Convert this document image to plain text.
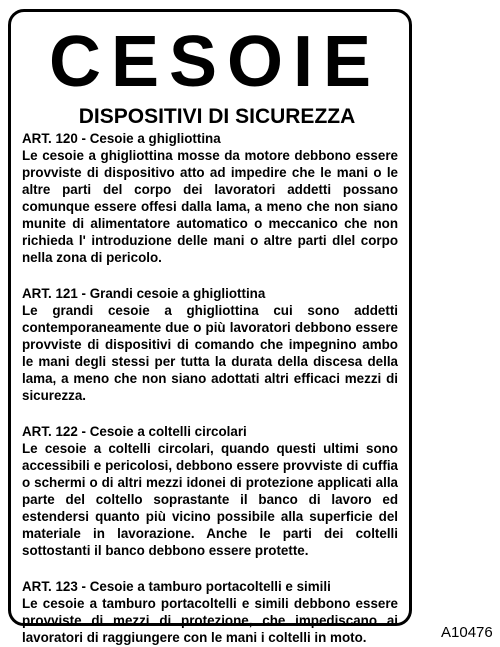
CESOIE
DISPOSITIVI DI SICUREZZA
ART. 120 - Cesoie a ghigliottina

Le cesoie a ghigliottina mosse da motore debbono essere provviste di dispositivo atto ad impedire che le mani o le altre parti del corpo dei lavoratori addetti possano comunque essere offesi dalla lama, a meno che non siano munite di alimentatore automatico o meccanico che non richieda l' introduzione delle mani o altre parti dlel corpo nella zona di pericolo.

ART. 121 - Grandi cesoie a ghigliottina

Le grandi cesoie a ghigliottina cui sono addetti contemporaneamente due o più lavoratori debbono essere provviste di dispositivi di comando che impegnino ambo le mani degli stessi per tutta la durata della discesa della lama, a meno che non siano adottati altri efficaci mezzi di sicurezza.

ART. 122 - Cesoie a coltelli circolari

Le cesoie a coltelli circolari, quando questi ultimi sono accessibili e pericolosi, debbono essere provviste di cuffia o schermi o di altri mezzi idonei di protezione applicati alla parte del coltello soprastante il banco di lavoro ed estendersi quanto più vicino possibile alla superficie del materiale in lavorazione. Anche le parti dei coltelli sottostanti il banco debbono essere protette.

ART. 123 - Cesoie a tamburo portacoltelli e simili

Le cesoie a tamburo portacoltelli e simili debbono essere provviste di mezzi di protezione, che impediscano ai lavoratori di raggiungere con le mani i coltelli in moto.	A10476
